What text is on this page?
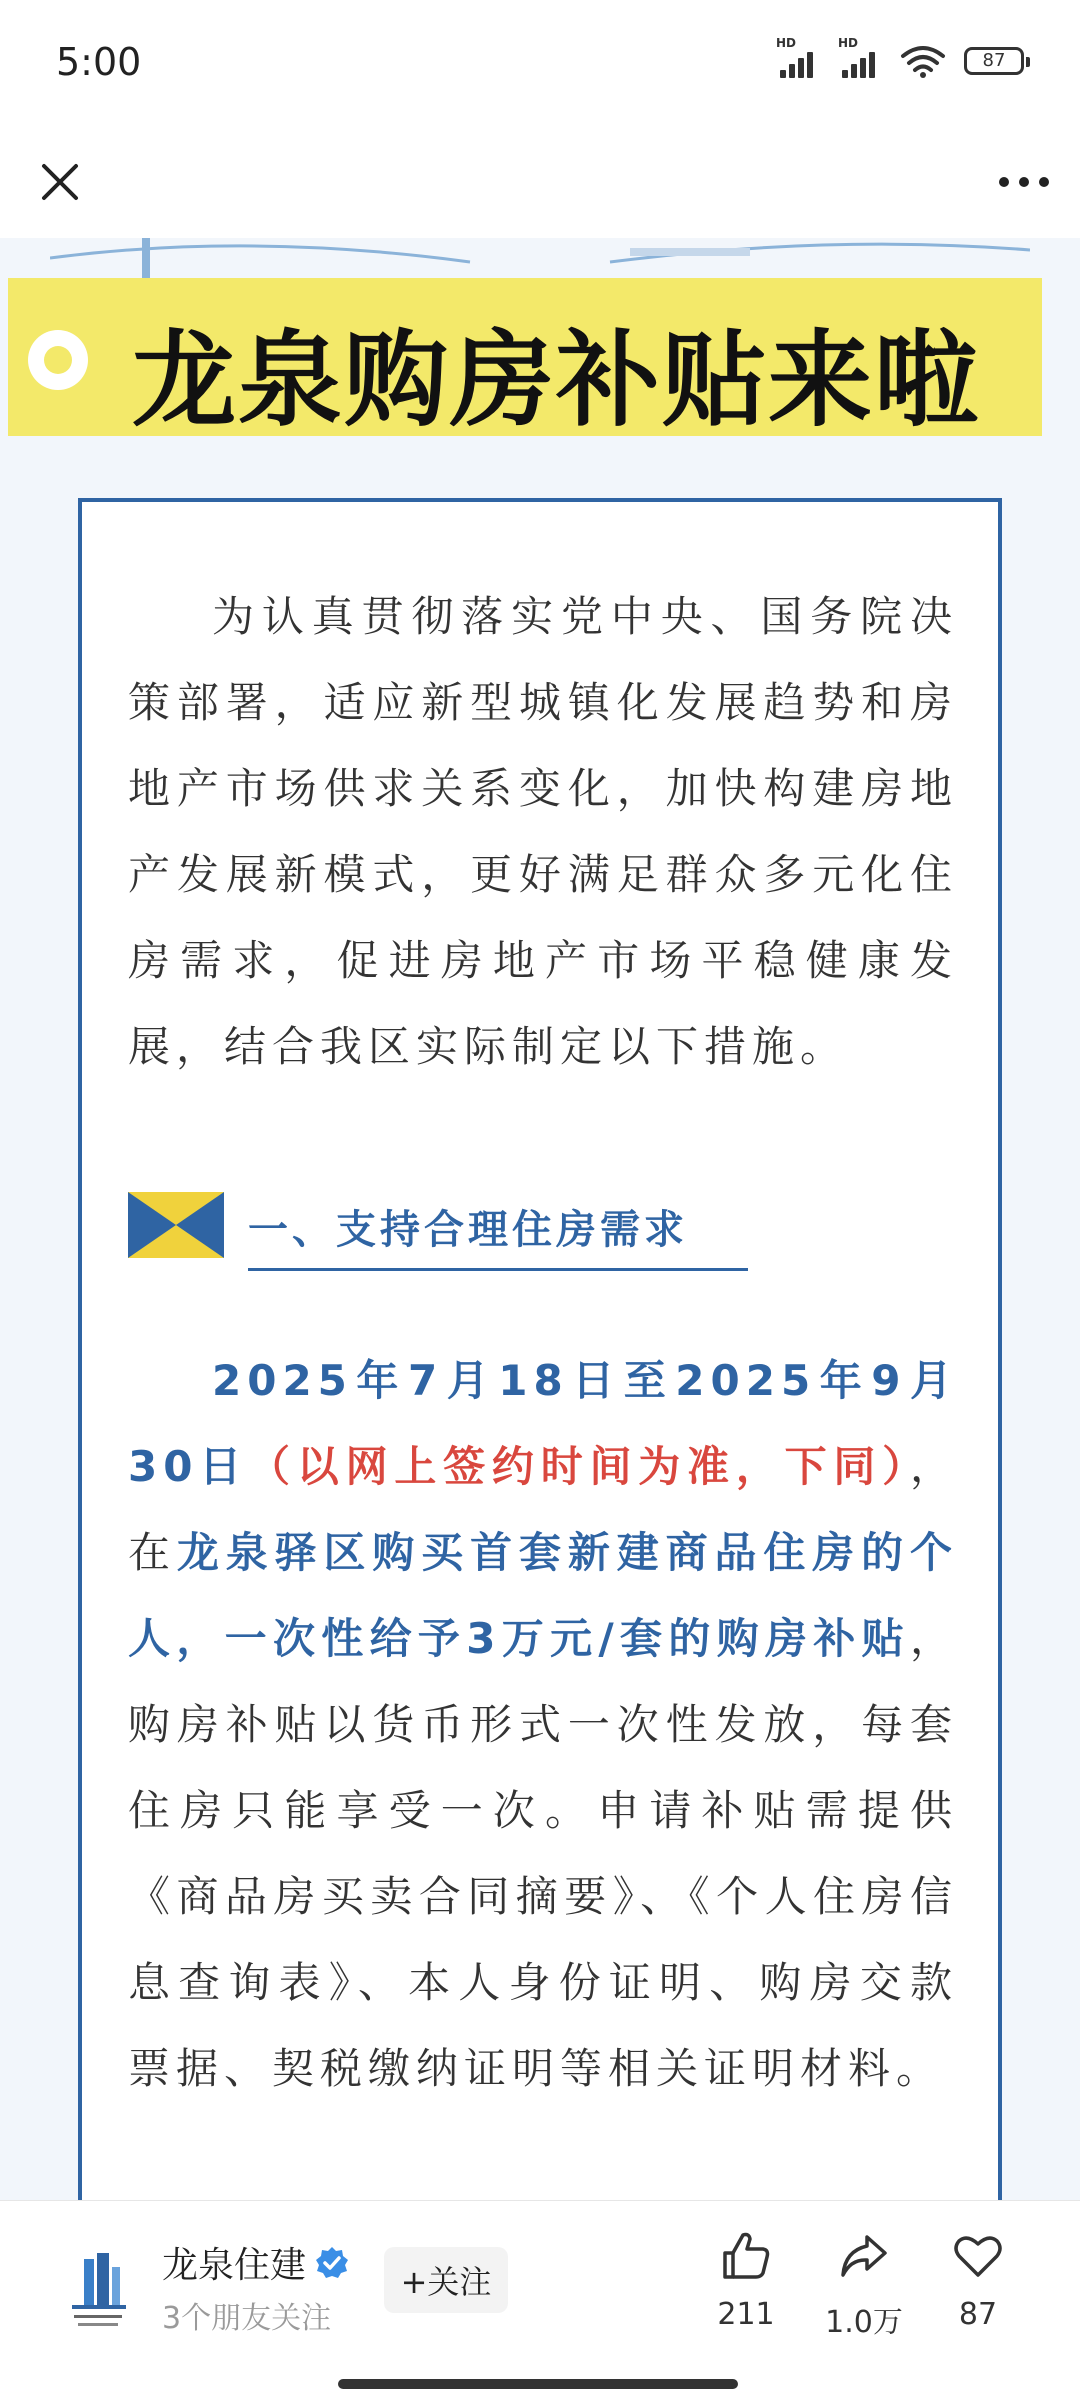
5:00	HD	HD
87
龙泉购房补贴来啦
为认真贯彻落实党中央、国务院决策部署，适应新型城镇化发展趋势和房地产市场供求关系变化，加快构建房地产发展新模式，更好满足群众多元化住房需求，促进房地产市场平稳健康发展，结合我区实际制定以下措施。
一、支持合理住房需求
2025年7月18日至2025年9月30日（以网上签约时间为准，下同），在龙泉驿区购买首套新建商品住房的个人，一次性给予3万元/套的购房补贴，购房补贴以货币形式一次性发放，每套住房只能享受一次。申请补贴需提供《商品房买卖合同摘要》、《个人住房信息查询表》、本人身份证明、购房交款票据、契税缴纳证明等相关证明材料。
龙泉住建
3个朋友关注
+关注
211	1.0万	87
